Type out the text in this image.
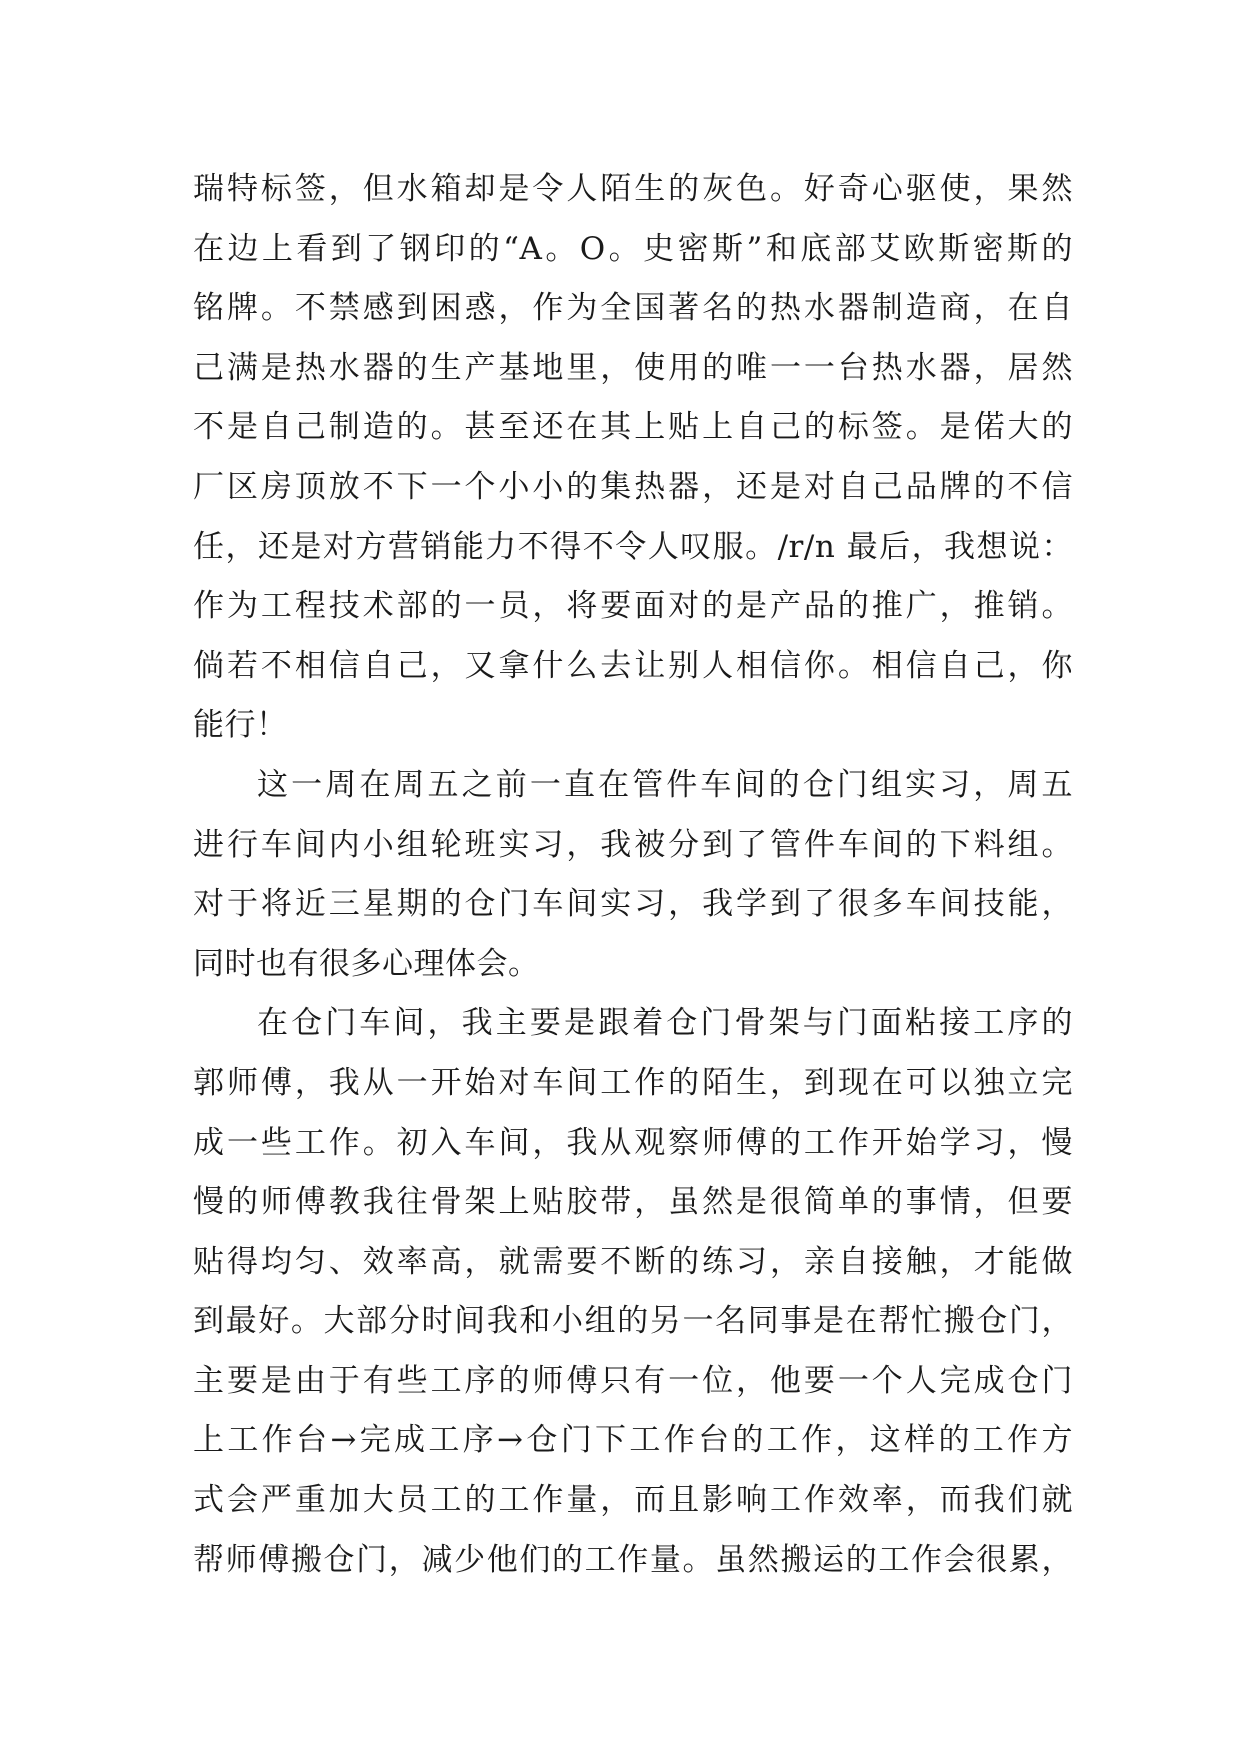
瑞特标签，但水箱却是令人陌生的灰色。好奇心驱使，果然
在边上看到了钢印的“A。O。史密斯”和底部艾欧斯密斯的
铭牌。不禁感到困惑，作为全国著名的热水器制造商，在自
己满是热水器的生产基地里，使用的唯一一台热水器，居然
不是自己制造的。甚至还在其上贴上自己的标签。是偌大的
厂区房顶放不下一个小小的集热器，还是对自己品牌的不信
任，还是对方营销能力不得不令人叹服。/r/n 最后，我想说：
作为工程技术部的一员，将要面对的是产品的推广，推销。
倘若不相信自己，又拿什么去让别人相信你。相信自己，你
能行！
这一周在周五之前一直在管件车间的仓门组实习，周五
进行车间内小组轮班实习，我被分到了管件车间的下料组。
对于将近三星期的仓门车间实习，我学到了很多车间技能，
同时也有很多心理体会。
在仓门车间，我主要是跟着仓门骨架与门面粘接工序的
郭师傅，我从一开始对车间工作的陌生，到现在可以独立完
成一些工作。初入车间，我从观察师傅的工作开始学习，慢
慢的师傅教我往骨架上贴胶带，虽然是很简单的事情，但要
贴得均匀、效率高，就需要不断的练习，亲自接触，才能做
到最好。大部分时间我和小组的另一名同事是在帮忙搬仓门，
主要是由于有些工序的师傅只有一位，他要一个人完成仓门
上工作台→完成工序→仓门下工作台的工作，这样的工作方
式会严重加大员工的工作量，而且影响工作效率，而我们就
帮师傅搬仓门，减少他们的工作量。虽然搬运的工作会很累，
